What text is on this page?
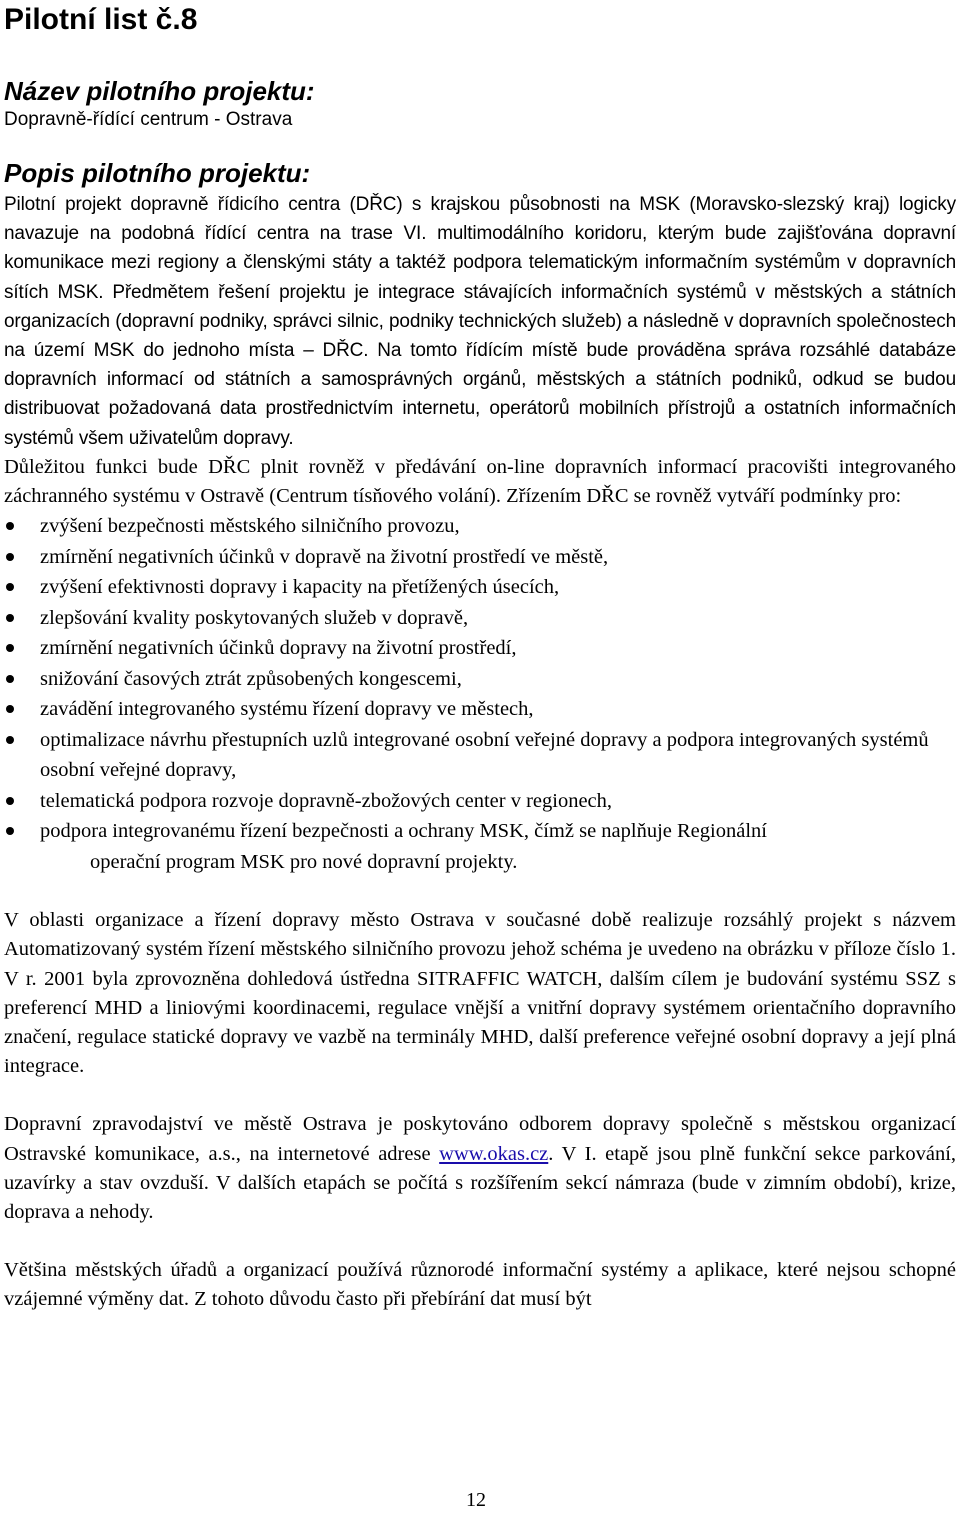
Pilotní list č.8
Název pilotního projektu:

Dopravně-řídící centrum - Ostrava

Popis pilotního projektu:

Pilotní projekt dopravně řídicího centra (DŘC) s krajskou působnosti na MSK (Moravsko-slezský kraj) logicky navazuje na podobná řídící centra na trase VI. multimodálního koridoru, kterým bude zajišťována dopravní komunikace mezi regiony a členskými státy a taktéž podpora telematickým informačním systémům v dopravních sítích MSK. Předmětem řešení projektu je integrace stávajících informačních systémů v městských a státních organizacích (dopravní podniky, správci silnic, podniky technických služeb) a následně v dopravních společnostech na území MSK do jednoho místa – DŘC. Na tomto řídícím místě bude prováděna správa rozsáhlé databáze dopravních informací od státních a samosprávných orgánů, městských a státních podniků, odkud se budou distribuovat požadovaná data prostřednictvím internetu, operátorů mobilních přístrojů a ostatních informačních systémů všem uživatelům dopravy.
Důležitou funkci bude DŘC plnit rovněž v předávání on-line dopravních informací pracovišti integrovaného záchranného systému v Ostravě (Centrum tísňového volání). Zřízením DŘC se rovněž vytváří podmínky pro:

zvýšení bezpečnosti městského silničního provozu,
zmírnění negativních účinků v dopravě na životní prostředí ve městě,
zvýšení efektivnosti dopravy i kapacity na přetížených úsecích,
zlepšování kvality poskytovaných služeb v dopravě,
zmírnění negativních účinků dopravy na životní prostředí,
snižování časových ztrát způsobených kongescemi,
zavádění integrovaného systému řízení dopravy ve městech,
optimalizace návrhu přestupních uzlů integrované osobní veřejné dopravy a podpora integrovaných systémů osobní veřejné dopravy,
telematická podpora rozvoje dopravně-zbožových center v regionech,
podpora integrovanému řízení bezpečnosti a ochrany MSK, čímž se naplňuje Regionální
operační program MSK pro nové dopravní projekty.

V oblasti organizace a řízení dopravy město Ostrava v současné době realizuje rozsáhlý projekt s názvem Automatizovaný systém řízení městského silničního provozu jehož schéma je uvedeno na obrázku v příloze číslo 1. V r. 2001 byla zprovozněna dohledová ústředna SITRAFFIC WATCH, dalším cílem je budování systému SSZ s preferencí MHD a liniovými koordinacemi, regulace vnější a vnitřní dopravy systémem orientačního dopravního značení, regulace statické dopravy ve vazbě na terminály MHD, další preference veřejné osobní dopravy a její plná integrace.

Dopravní zpravodajství ve městě Ostrava je poskytováno odborem dopravy společně s městskou organizací Ostravské komunikace, a.s., na internetové adrese www.okas.cz. V I. etapě jsou plně funkční sekce parkování, uzavírky a stav ovzduší. V dalších etapách se počítá s rozšířením sekcí námraza (bude v zimním období), krize, doprava a nehody.

Většina městských úřadů a organizací používá různorodé informační systémy a aplikace, které nejsou schopné vzájemné výměny dat. Z tohoto důvodu často při přebírání dat musí být

12
